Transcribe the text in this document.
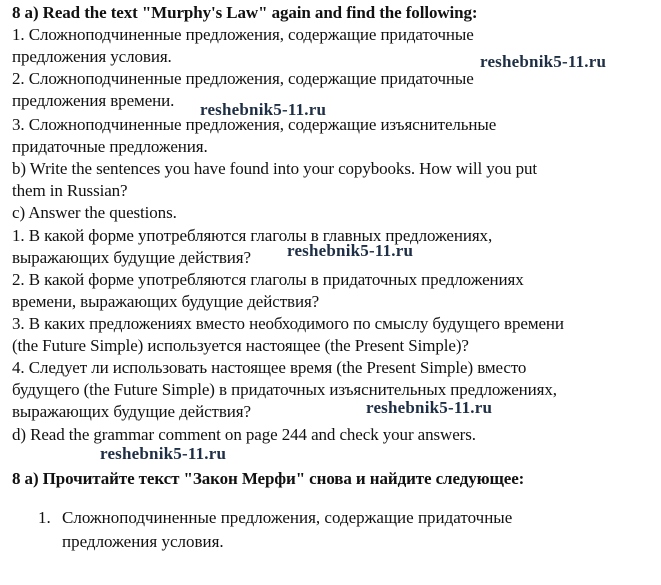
8 a) Read the text "Murphy's Law" again and find the following:
1. Сложноподчиненные предложения, содержащие придаточные
предложения условия.
2. Сложноподчиненные предложения, содержащие придаточные
предложения времени.
3. Сложноподчиненные предложения, содержащие изъяснительные
придаточные предложения.
b) Write the sentences you have found into your copybooks. How will you put
them in Russian?
c) Answer the questions.
1. В какой форме употребляются глаголы в главных предложениях,
выражающих будущие действия?
2. В какой форме употребляются глаголы в придаточных предложениях
времени, выражающих будущие действия?
3. В каких предложениях вместо необходимого по смыслу будущего времени
(the Future Simple) используется настоящее (the Present Simple)?
4. Следует ли использовать настоящее время (the Present Simple) вместо
будущего (the Future Simple) в придаточных изъяснительных предложениях,
выражающих будущие действия?
d) Read the grammar comment on page 244 and check your answers.
8 а) Прочитайте текст "Закон Мерфи" снова и найдите следующее:
1. Сложноподчиненные предложения, содержащие придаточные
предложения условия.
reshebnik5-11.ru
reshebnik5-11.ru
reshebnik5-11.ru
reshebnik5-11.ru
reshebnik5-11.ru
